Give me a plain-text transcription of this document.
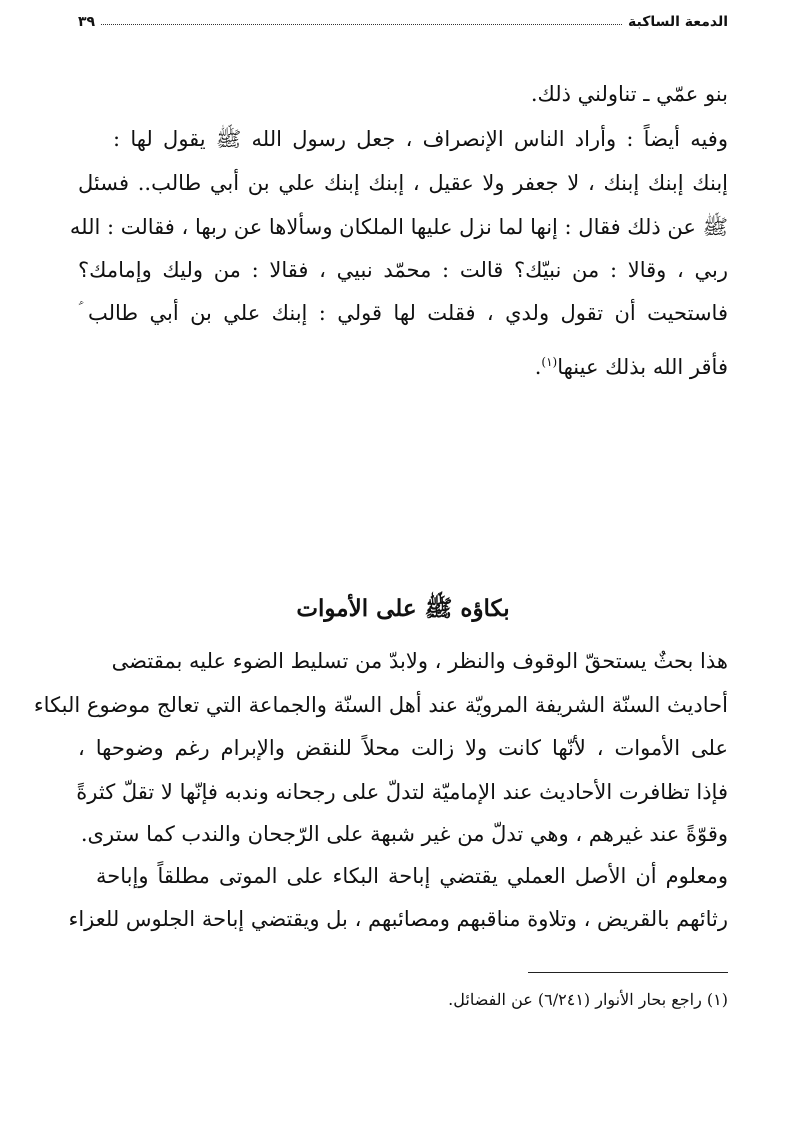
الدمعة الساكبة
٣٩
بنو عمّي ـ تناولني ذلك.
وفيه أيضاً : وأراد الناس الإنصراف ، جعل رسول الله ﷺ يقول لها :
إبنك إبنك إبنك ، لا جعفر ولا عقيل ، إبنك إبنك علي بن أبي طالب.. فسئل
ﷺ عن ذلك فقال : إنها لما نزل عليها الملكان وسألاها عن ربها ، فقالت : الله
ربي ، وقالا : من نبيّك؟ قالت : محمّد نبيي ، فقالا : من وليك وإمامك؟
فاستحيت أن تقول ولدي ، فقلت لها قولي : إبنك علي بن أبي طالب ؑ
فأقر الله بذلك عينها$^{(١)}$.
بكاؤه ﷺ على الأموات
هذا بحثٌ يستحقّ الوقوف والنظر ، ولابدّ من تسليط الضوء عليه بمقتضى
أحاديث السنّة الشريفة المرويّة عند أهل السنّة والجماعة التي تعالج موضوع البكاء
على الأموات ، لأنّها كانت ولا زالت محلاً للنقض والإبرام رغم وضوحها ،
فإذا تظافرت الأحاديث عند الإماميّة لتدلّ على رجحانه وندبه فإنّها لا تقلّ كثرةً
وقوّةً عند غيرهم ، وهي تدلّ من غير شبهة على الرّجحان والندب كما سترى.
ومعلوم أن الأصل العملي يقتضي إباحة البكاء على الموتى مطلقاً وإباحة
رثائهم بالقريض ، وتلاوة مناقبهم ومصائبهم ، بل ويقتضي إباحة الجلوس للعزاء
(١) راجع بحار الأنوار (٦/٢٤١) عن الفضائل.
